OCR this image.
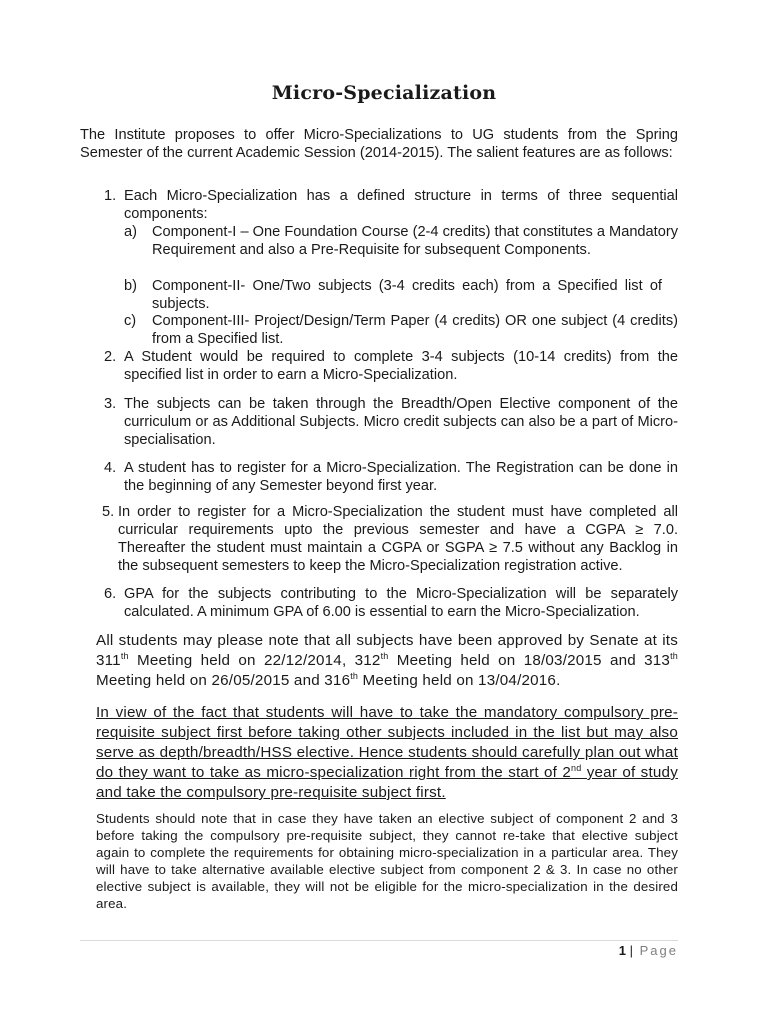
Micro-Specialization
The Institute proposes to offer Micro-Specializations to UG students from the Spring Semester of the current Academic Session (2014-2015). The salient features are as follows:
1. Each Micro-Specialization has a defined structure in terms of three sequential components:
a) Component-I – One Foundation Course (2-4 credits) that constitutes a Mandatory Requirement and also a Pre-Requisite for subsequent Components.
b) Component-II- One/Two subjects (3-4 credits each) from a Specified list of subjects.
c) Component-III- Project/Design/Term Paper (4 credits) OR one subject (4 credits) from a Specified list.
2. A Student would be required to complete 3-4 subjects (10-14 credits) from the specified list in order to earn a Micro-Specialization.
3. The subjects can be taken through the Breadth/Open Elective component of the curriculum or as Additional Subjects. Micro credit subjects can also be a part of Micro-specialisation.
4. A student has to register for a Micro-Specialization. The Registration can be done in the beginning of any Semester beyond first year.
5. In order to register for a Micro-Specialization the student must have completed all curricular requirements upto the previous semester and have a CGPA ≥ 7.0. Thereafter the student must maintain a CGPA or SGPA ≥ 7.5 without any Backlog in the subsequent semesters to keep the Micro-Specialization registration active.
6. GPA for the subjects contributing to the Micro-Specialization will be separately calculated. A minimum GPA of 6.00 is essential to earn the Micro-Specialization.
All students may please note that all subjects have been approved by Senate at its 311th Meeting held on 22/12/2014, 312th Meeting held on 18/03/2015 and 313th Meeting held on 26/05/2015 and 316th Meeting held on 13/04/2016.
In view of the fact that students will have to take the mandatory compulsory pre-requisite subject first before taking other subjects included in the list but may also serve as depth/breadth/HSS elective. Hence students should carefully plan out what do they want to take as micro-specialization right from the start of 2nd year of study and take the compulsory pre-requisite subject first.
Students should note that in case they have taken an elective subject of component 2 and 3 before taking the compulsory pre-requisite subject, they cannot re-take that elective subject again to complete the requirements for obtaining micro-specialization in a particular area. They will have to take alternative available elective subject from component 2 & 3. In case no other elective subject is available, they will not be eligible for the micro-specialization in the desired area.
1 | Page
